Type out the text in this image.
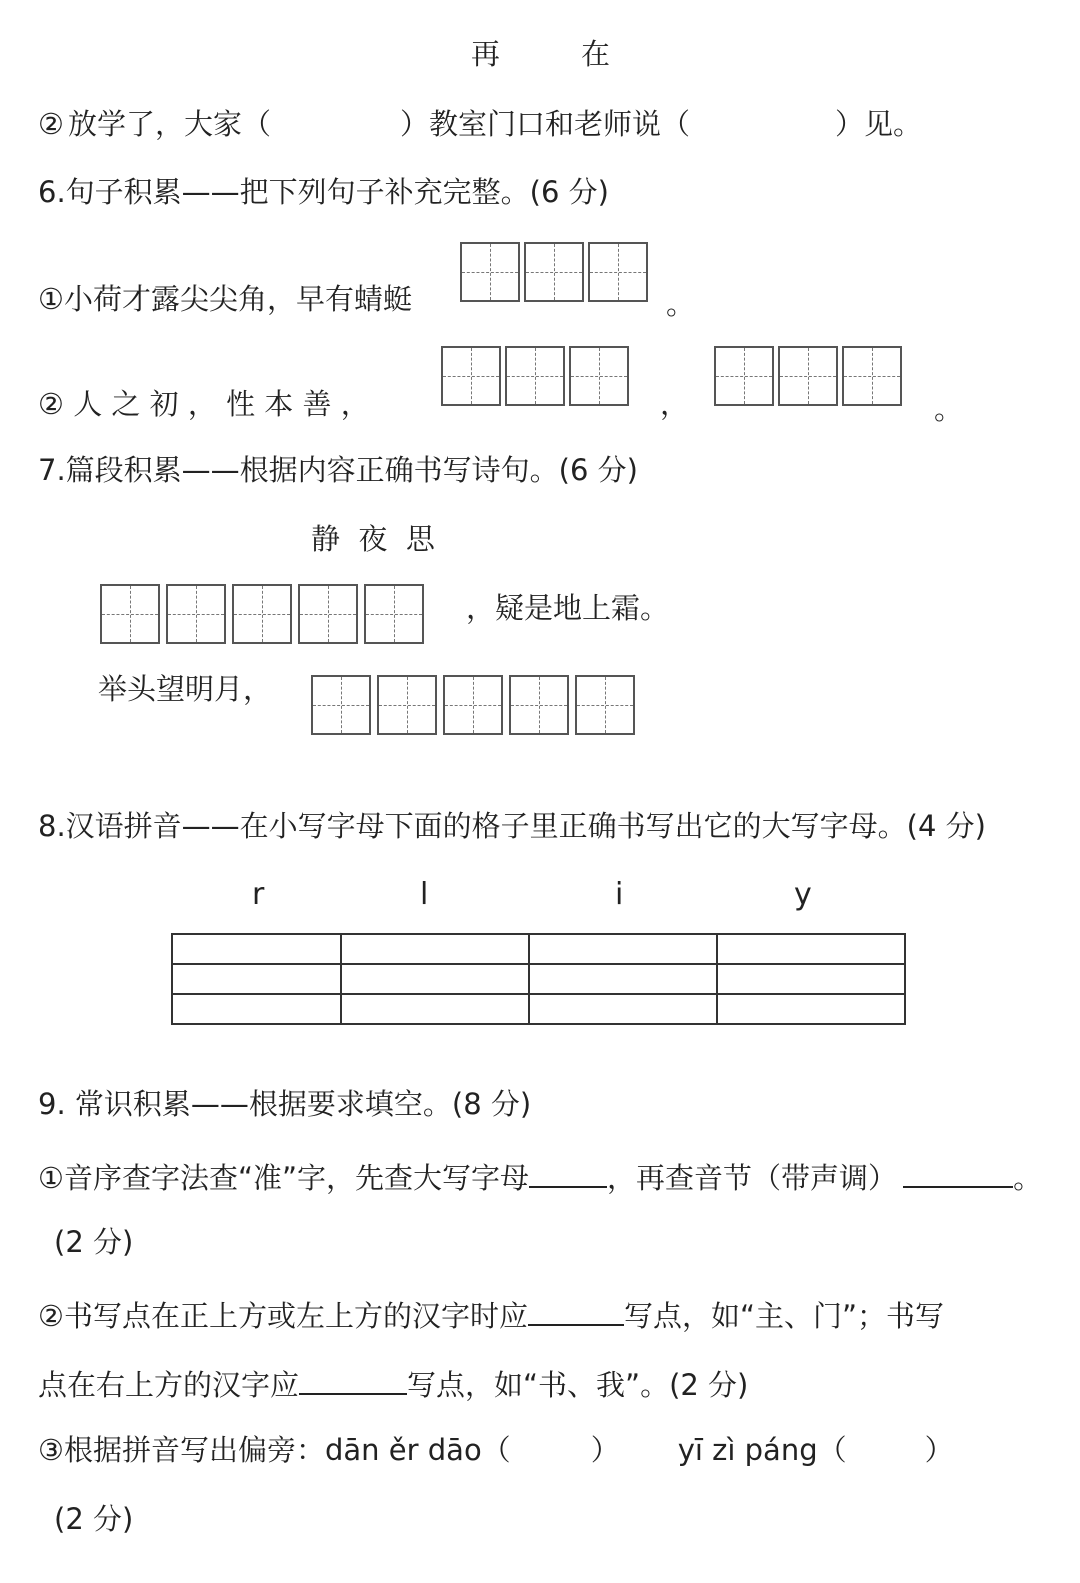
再	在
② 放学了，大家（	）教室门口和老师说（	）见。
6.句子积累——把下列句子补充完整。(6 分)
①小荷才露尖尖角，早有蜻蜓	。
② 人 之 初 ， 性 本 善 ，	，	。
7.篇段积累——根据内容正确书写诗句。(6 分)
静  夜  思
，疑是地上霜。
举头望明月，
8.汉语拼音——在小写字母下面的格子里正确书写出它的大写字母。(4 分)
r	l	i	y

9. 常识积累——根据要求填空。(8 分)
①音序查字法查“准”字，先查大写字母	，再查音节（带声调）	。
(2 分)
②书写点在正上方或左上方的汉字时应	写点，如“主、门”；书写
点在右上方的汉字应	写点，如“书、我”。(2 分)
③根据拼音写出偏旁：dān ěr dāo（	） yī zì páng（	）
(2 分)
